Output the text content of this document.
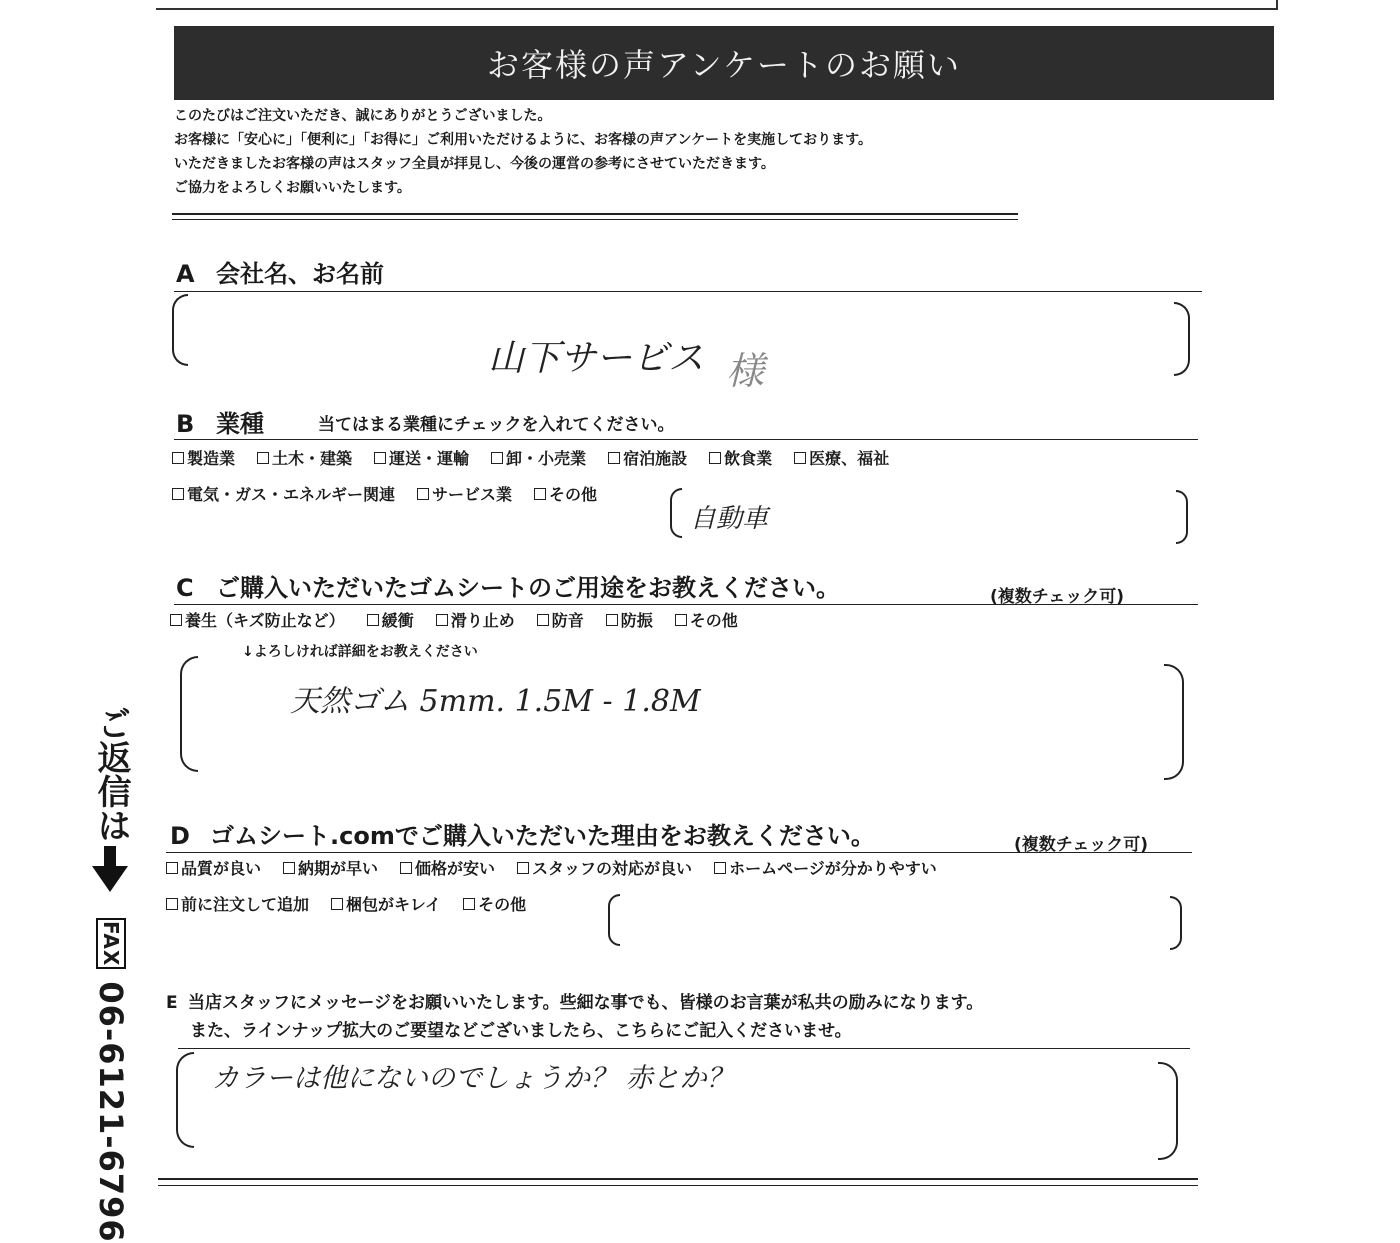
お客様の声アンケートのお願い
このたびはご注文いただき、誠にありがとうございました。
お客様に「安心に」「便利に」「お得に」ご利用いただけるように、お客様の声アンケートを実施しております。
いただきましたお客様の声はスタッフ全員が拝見し、今後の運営の参考にさせていただきます。
ご協力をよろしくお願いいたします。
A 会社名、お名前
山下サービス 様
B 業種	当てはまる業種にチェックを入れてください。
製造業 土木・建築 運送・運輸 卸・小売業 宿泊施設 飲食業 医療、福祉
電気・ガス・エネルギー関連 サービス業 その他
自動車
C ご購入いただいたゴムシートのご用途をお教えください。	(複数チェック可)
養生（キズ防止など） 緩衝 滑り止め 防音 防振 その他
↓よろしければ詳細をお教えください
天然ゴム 5mm. 1.5M - 1.8M
D ゴムシート.comでご購入いただいた理由をお教えください。	(複数チェック可)
品質が良い 納期が早い 価格が安い スタッフの対応が良い ホームページが分かりやすい
前に注文して追加 梱包がキレイ その他
E 当店スタッフにメッセージをお願いいたします。些細な事でも、皆様のお言葉が私共の励みになります。
また、ラインナップ拡大のご要望などございましたら、こちらにご記入くださいませ。
カラーは他にないのでしょうか？ 赤とか？
ご返信は
FAX 06-6121-6796
